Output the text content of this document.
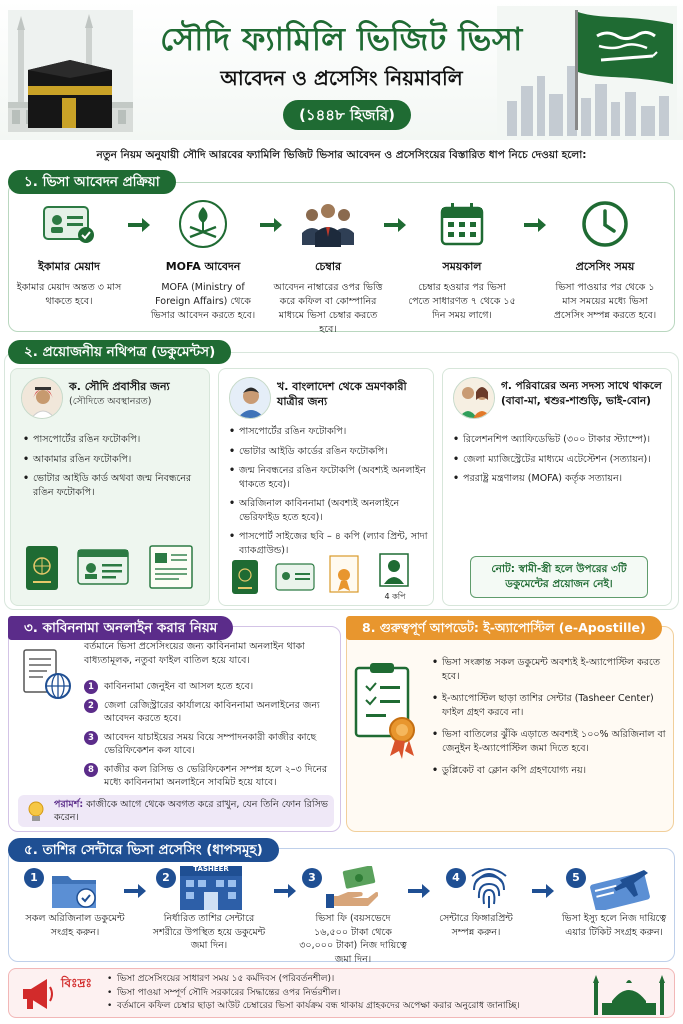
সৌদি ফ্যামিলি ভিজিট ভিসা
আবেদন ও প্রসেসিং নিয়মাবলি
(১৪৪৮ হিজরি)
নতুন নিয়ম অনুযায়ী সৌদি আরবের ফ্যামিলি ভিজিট ভিসার আবেদন ও প্রসেসিংয়ের বিস্তারিত ধাপ নিচে দেওয়া হলো:
১. ভিসা আবেদন প্রক্রিয়া
ইকামার মেয়াদ
ইকামার মেয়াদ অন্তত ৩ মাস থাকতে হবে।
MOFA আবেদন
MOFA (Ministry of Foreign Affairs) থেকে ভিসার আবেদন করতে হবে।
চেম্বার
আবেদন নাম্বারের ওপর ভিত্তি করে কফিল বা কোম্পানির মাধ্যমে ভিসা চেম্বার করতে হবে।
সময়কাল
চেম্বার হওয়ার পর ভিসা পেতে সাধারণত ৭ থেকে ১৫ দিন সময় লাগে।
প্রসেসিং সময়
ভিসা পাওয়ার পর থেকে ১ মাস সময়ের মধ্যে ভিসা প্রসেসিং সম্পন্ন করতে হবে।
২. প্রয়োজনীয় নথিপত্র (ডকুমেন্টস)
ক. সৌদি প্রবাসীর জন্য
(সৌদিতে অবস্থানরত)
• পাসপোর্টের রঙিন ফটোকপি।
• আকামার রঙিন ফটোকপি।
• ভোটার আইডি কার্ড অথবা জন্ম নিবন্ধনের রঙিন ফটোকপি।
খ. বাংলাদেশ থেকে ভ্রমণকারী যাত্রীর জন্য
• পাসপোর্টের রঙিন ফটোকপি।
• ভোটার আইডি কার্ডের রঙিন ফটোকপি।
• জন্ম নিবন্ধনের রঙিন ফটোকপি (অবশ্যই অনলাইন থাকতে হবে)।
• অরিজিনাল কাবিননামা (অবশ্যই অনলাইনে ভেরিফাইড হতে হবে)।
• পাসপোর্ট সাইজের ছবি – ৪ কপি (ল্যাব প্রিন্ট, সাদা ব্যাকগ্রাউন্ড)।
4 কপি
গ. পরিবারের অন্য সদস্য সাথে থাকলে (বাবা-মা, শ্বশুর-শাশুড়ি, ভাই-বোন)
• রিলেশনশিপ অ্যাফিডেভিট (৩০০ টাকার স্ট্যাম্পে)।
• জেলা ম্যাজিস্ট্রেটের মাধ্যমে এটেস্টেশন (সত্যায়ন)।
• পররাষ্ট্র মন্ত্রণালয় (MOFA) কর্তৃক সত্যায়ন।
নোট: স্বামী-স্ত্রী হলে উপরের ৩টি ডকুমেন্টের প্রয়োজন নেই।
৩. কাবিননামা অনলাইন করার নিয়ম
বর্তমানে ভিসা প্রসেসিংয়ের জন্য কাবিননামা অনলাইন থাকা বাধ্যতামূলক, নতুবা ফাইল বাতিল হয়ে যাবে।
1	কাবিননামা জেনুইন বা আসল হতে হবে।
2	জেলা রেজিস্ট্রারের কার্যালয়ে কাবিননামা অনলাইনের জন্য আবেদন করতে হবে।
3	আবেদন যাচাইয়ের সময় বিয়ে সম্পাদনকারী কাজীর কাছে ভেরিফিকেশন কল যাবে।
8	কাজীর কল রিসিভ ও ভেরিফিকেশন সম্পন্ন হলে ২–৩ দিনের মধ্যে কাবিননামা অনলাইনে সাবমিট হয়ে যাবে।
পরামর্শ: কাজীকে আগে থেকে অবগত করে রাখুন, যেন তিনি ফোন রিসিভ করেন।
8. গুরুত্বপূর্ণ আপডেট: ই-অ্যাপোস্টিল (e-Apostille)
• ভিসা সংক্রান্ত সকল ডকুমেন্ট অবশ্যই ই-অ্যাপোস্টিল করতে হবে।
• ই-অ্যাপোস্টিল ছাড়া তাশির সেন্টার (Tasheer Center) ফাইল গ্রহণ করবে না।
• ভিসা বাতিলের ঝুঁকি এড়াতে অবশ্যই ১০০% অরিজিনাল বা জেনুইন ই-অ্যাপোস্টিল জমা দিতে হবে।
• ডুপ্লিকেট বা ক্লোন কপি গ্রহণযোগ্য নয়।
৫. তাশির সেন্টারে ভিসা প্রসেসিং (ধাপসমূহ)
1
সকল অরিজিনাল ডকুমেন্ট সংগ্রহ করুন।
2
TASHEER
নির্ধারিত তাশির সেন্টারে সশরীরে উপস্থিত হয়ে ডকুমেন্ট জমা দিন।
3
ভিসা ফি (বয়সভেদে ১৬,৫০০ টাকা থেকে ৩০,০০০ টাকা) নিজ দায়িত্বে জমা দিন।
4
সেন্টারে ফিঙ্গারপ্রিন্ট সম্পন্ন করুন।
5
ভিসা ইস্যু হলে নিজ দায়িত্বে এয়ার টিকিট সংগ্রহ করুন।
বিঃদ্রঃ
•	ভিসা প্রসেসিংয়ের সাধারণ সময় ১৫ কর্মদিবস (পরিবর্তনশীল)।
• ভিসা পাওয়া সম্পূর্ণ সৌদি সরকারের সিদ্ধান্তের ওপর নির্ভরশীল।
• বর্তমানে কফিল চেম্বার ছাড়া আউট চেম্বারের ভিসা কার্যক্রম বন্ধ থাকায় গ্রাহকদের অপেক্ষা করার অনুরোধ জানাচ্ছি।
